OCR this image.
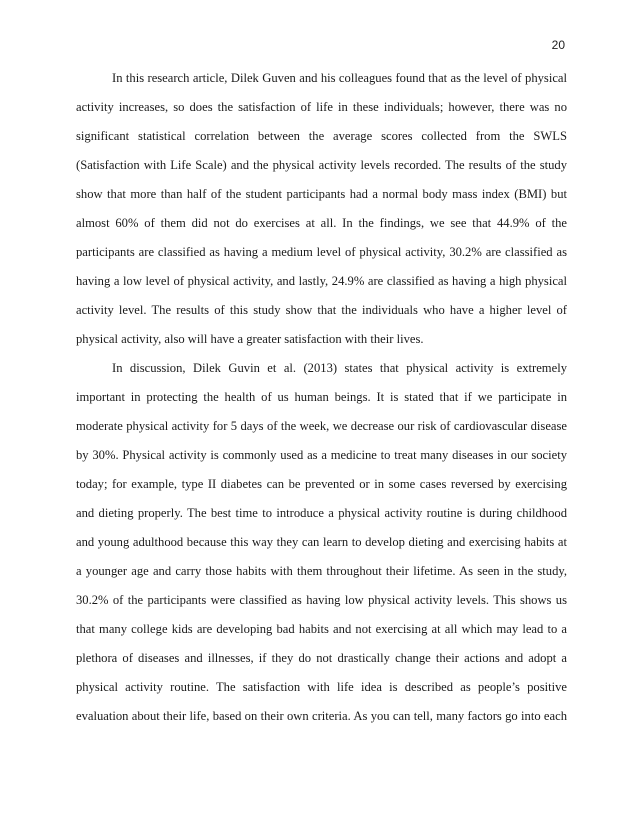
20
In this research article, Dilek Guven and his colleagues found that as the level of physical
activity increases, so does the satisfaction of life in these individuals; however, there was no
significant statistical correlation between the average scores collected from the SWLS
(Satisfaction with Life Scale) and the physical activity levels recorded. The results of the study
show that more than half of the student participants had a normal body mass index (BMI) but
almost 60% of them did not do exercises at all. In the findings, we see that 44.9% of the
participants are classified as having a medium level of physical activity, 30.2% are classified as
having a low level of physical activity, and lastly, 24.9% are classified as having a high physical
activity level. The results of this study show that the individuals who have a higher level of
physical activity, also will have a greater satisfaction with their lives.
In discussion, Dilek Guvin et al. (2013) states that physical activity is extremely
important in protecting the health of us human beings. It is stated that if we participate in
moderate physical activity for 5 days of the week, we decrease our risk of cardiovascular disease
by 30%. Physical activity is commonly used as a medicine to treat many diseases in our society
today; for example, type II diabetes can be prevented or in some cases reversed by exercising
and dieting properly. The best time to introduce a physical activity routine is during childhood
and young adulthood because this way they can learn to develop dieting and exercising habits at
a younger age and carry those habits with them throughout their lifetime. As seen in the study,
30.2% of the participants were classified as having low physical activity levels. This shows us
that many college kids are developing bad habits and not exercising at all which may lead to a
plethora of diseases and illnesses, if they do not drastically change their actions and adopt a
physical activity routine. The satisfaction with life idea is described as people’s positive
evaluation about their life, based on their own criteria. As you can tell, many factors go into each
